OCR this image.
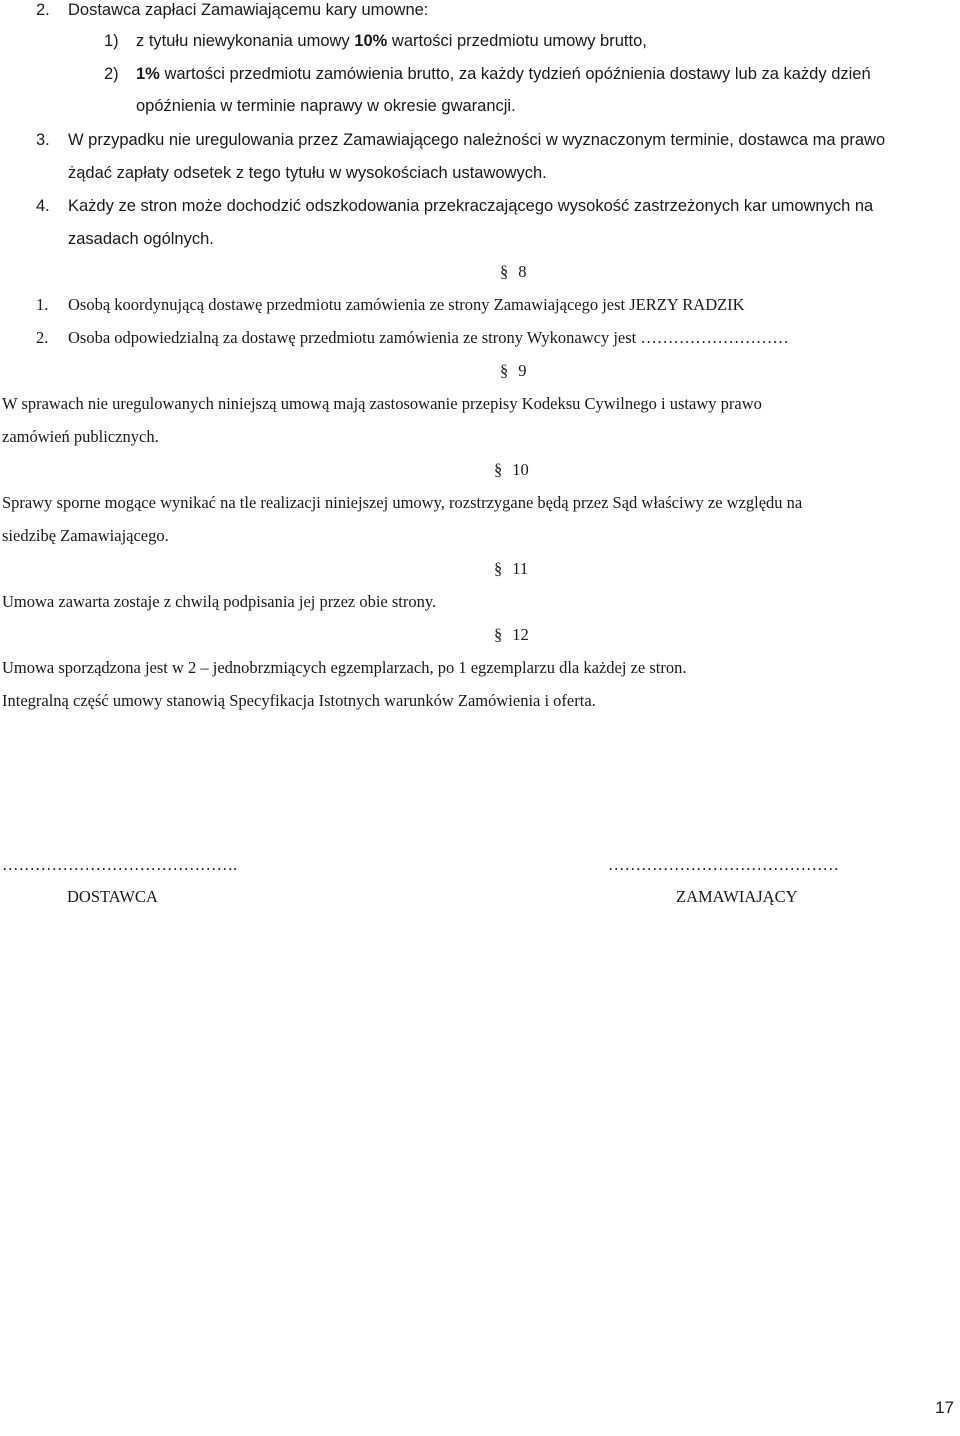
2. Dostawca zapłaci Zamawiającemu kary umowne:
1) z tytułu niewykonania umowy 10% wartości przedmiotu umowy brutto,
2) 1% wartości przedmiotu zamówienia brutto, za każdy tydzień opóźnienia dostawy lub za każdy dzień
opóźnienia w terminie naprawy w okresie gwarancji.
3. W przypadku nie uregulowania przez Zamawiającego należności w wyznaczonym terminie, dostawca ma prawo
żądać zapłaty odsetek z tego tytułu w wysokościach ustawowych.
4. Każdy ze stron może dochodzić odszkodowania przekraczającego wysokość zastrzeżonych kar umownych na
zasadach ogólnych.
§ 8
1. Osobą koordynującą dostawę przedmiotu zamówienia ze strony Zamawiającego jest JERZY RADZIK
2. Osoba odpowiedzialną za dostawę przedmiotu zamówienia ze strony Wykonawcy jest ………………………
§ 9
W sprawach nie uregulowanych niniejszą umową mają zastosowanie przepisy Kodeksu Cywilnego i ustawy prawo
zamówień publicznych.
§ 10
Sprawy sporne mogące wynikać na tle realizacji niniejszej umowy, rozstrzygane będą przez Sąd właściwy ze względu na
siedzibę Zamawiającego.
§ 11
Umowa zawarta zostaje z chwilą podpisania jej przez obie strony.
§ 12
Umowa sporządzona jest w 2 – jednobrzmiących egzemplarzach, po 1 egzemplarzu dla każdej ze stron.
Integralną część umowy stanowią Specyfikacja Istotnych warunków Zamówienia i oferta.
…………………………………….
DOSTAWCA
……………………………………
ZAMAWIAJĄCY
17
